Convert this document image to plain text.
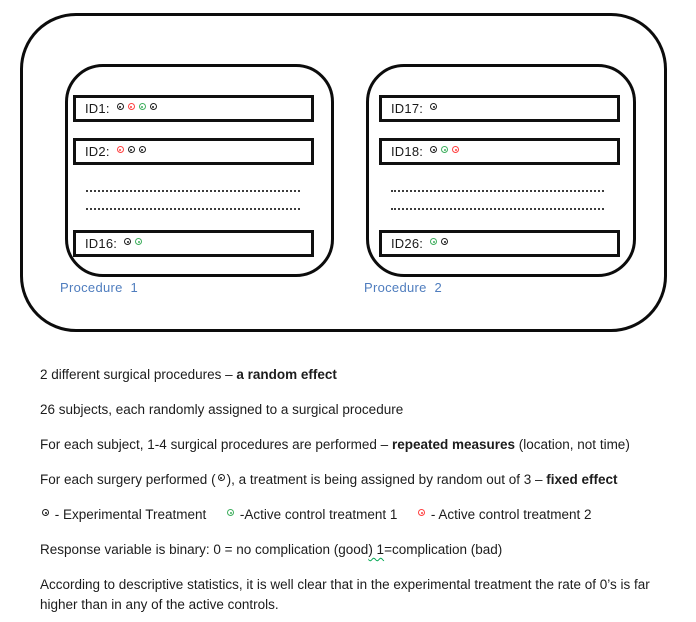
ID1:
ID2:
ID16:
ID17:
ID18:
ID26:
Procedure  1	Procedure  2

2 different surgical procedures – a random effect

26 subjects, each randomly assigned to a surgical procedure

For each subject, 1-4 surgical procedures are performed – repeated measures (location, not time)

For each surgery performed ( ), a treatment is being assigned by random out of 3 – fixed effect

- Experimental Treatment      -Active control treatment 1      - Active control treatment 2

Response variable is binary: 0 = no complication (good) 1=complication (bad)

According to descriptive statistics, it is well clear that in the experimental treatment the rate of 0’s is far higher than in any of the active controls.
